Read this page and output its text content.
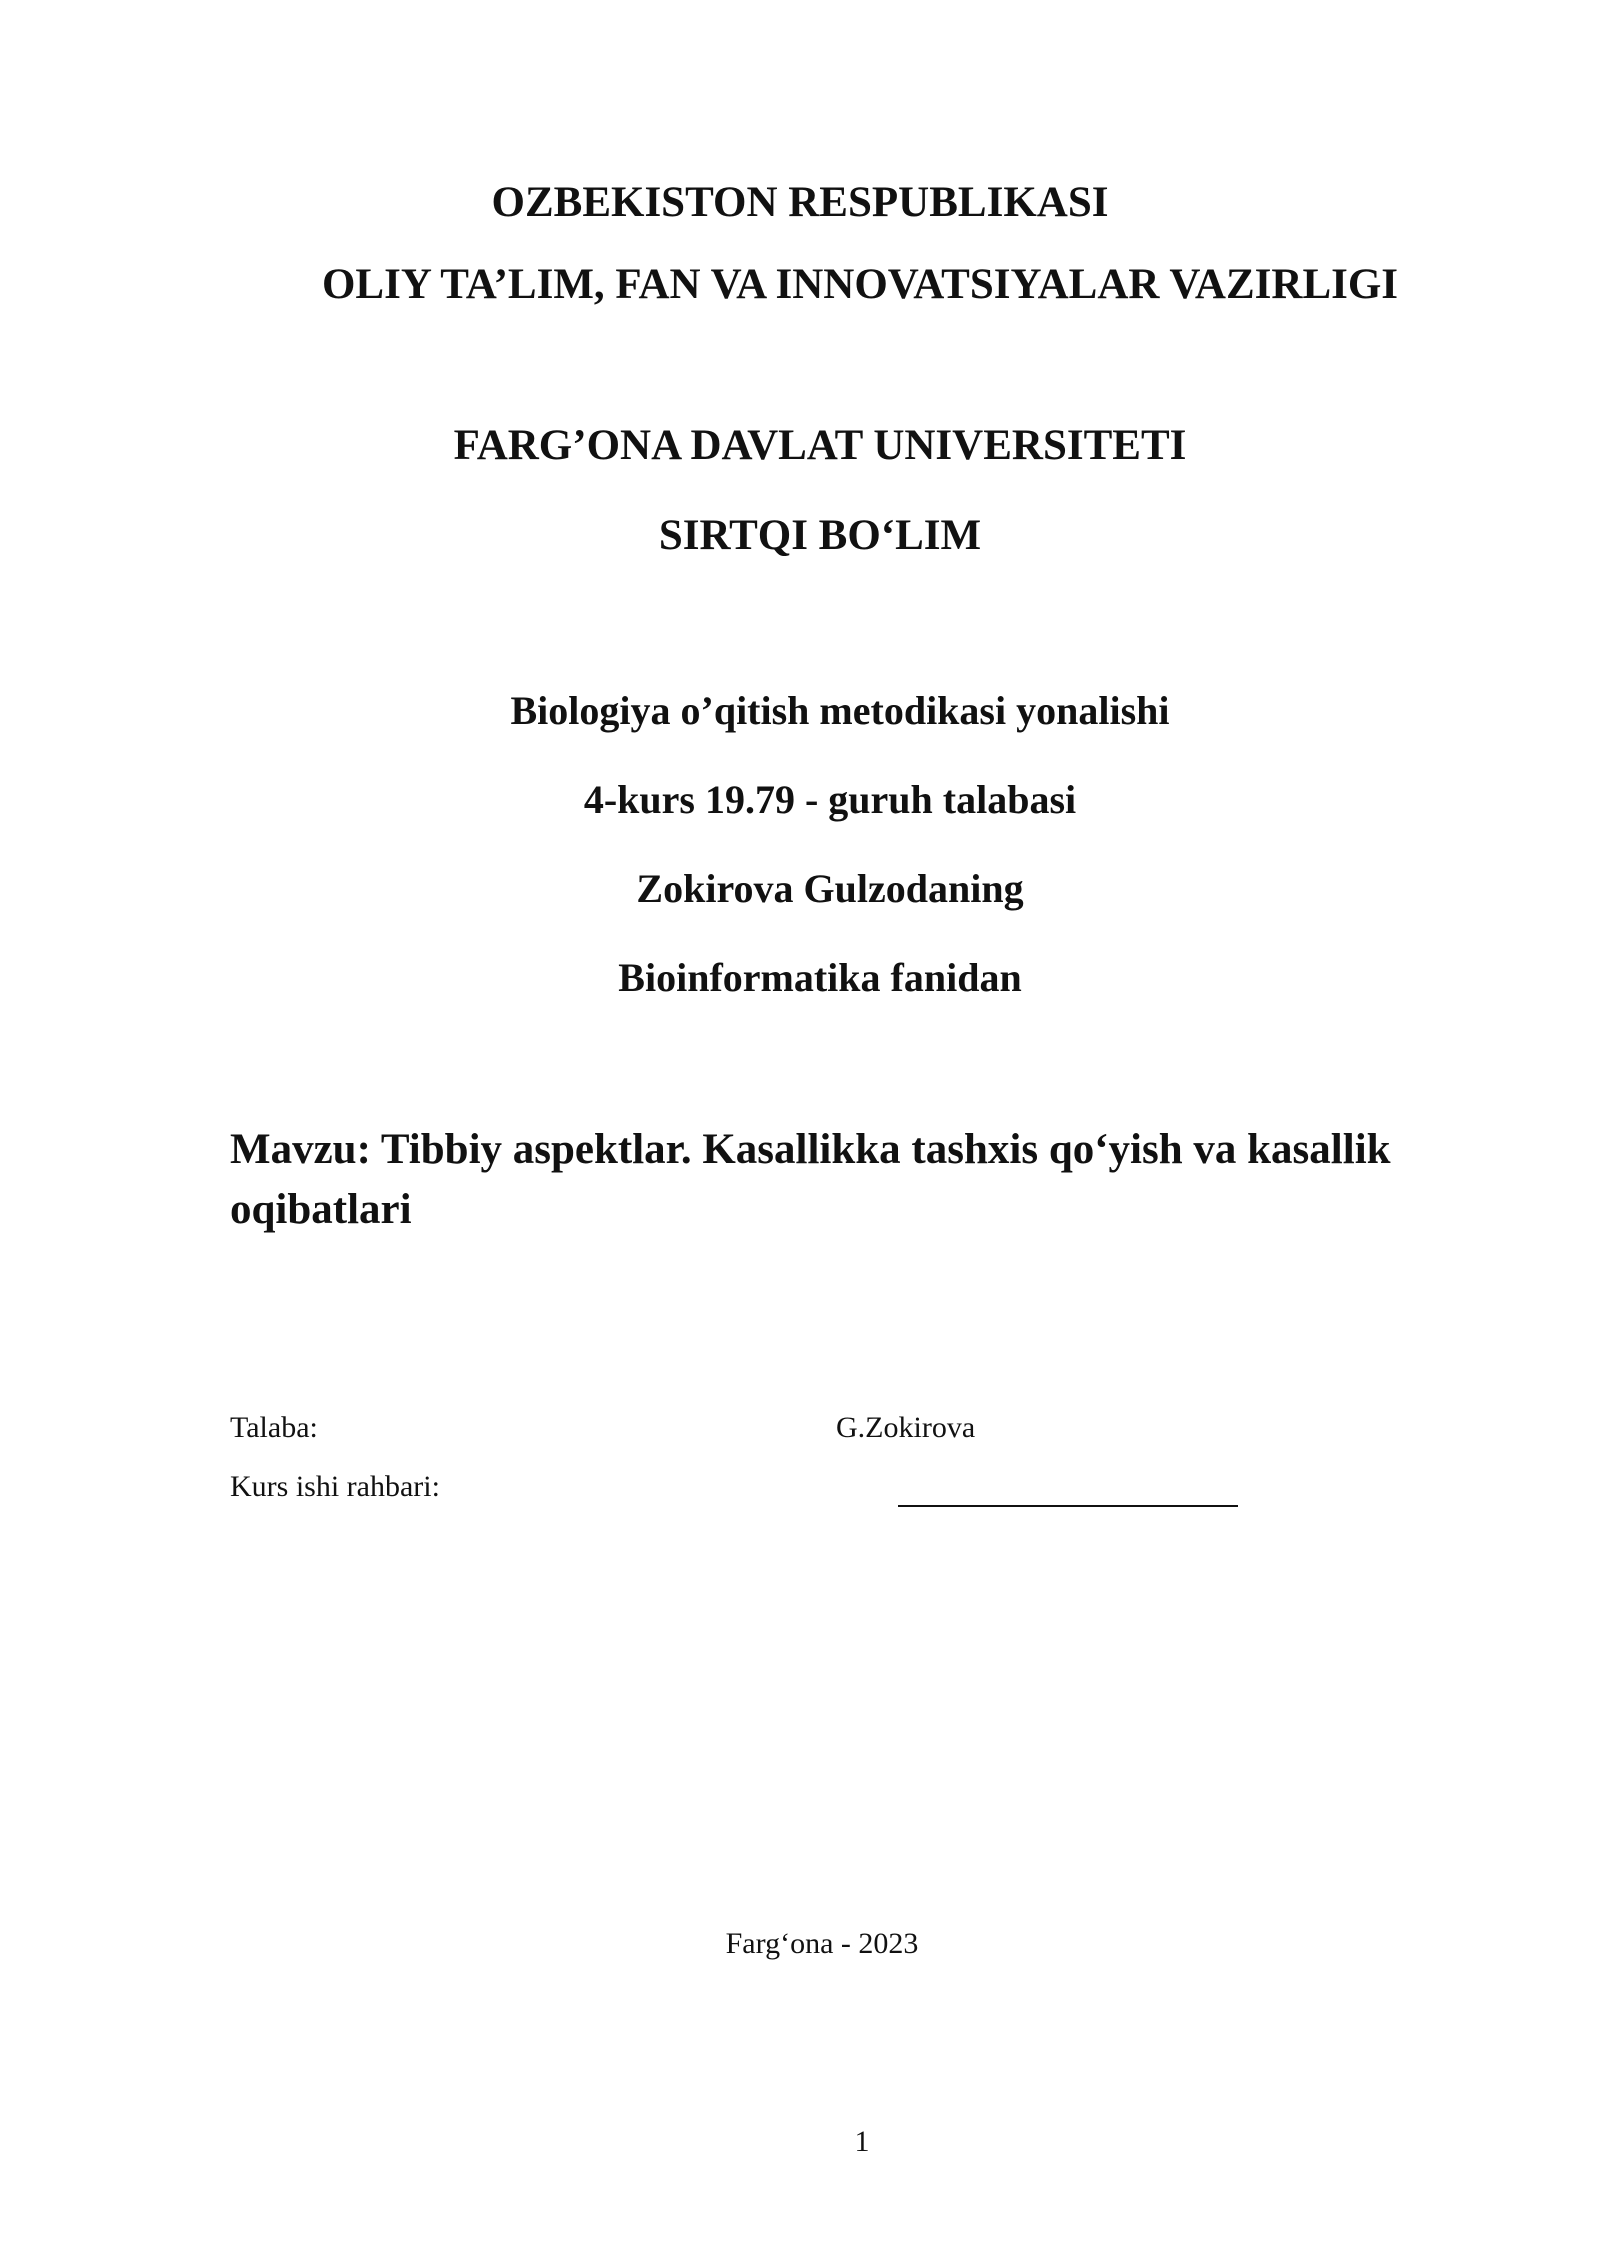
OZBEKISTON RESPUBLIKASI
OLIY TA’LIM, FAN VA INNOVATSIYALAR VAZIRLIGI
FARGʼONA DAVLAT UNIVERSITETI
SIRTQI BOʻLIM
Biologiya o’qitish metodikasi yonalishi
4-kurs 19.79 - guruh talabasi
Zokirova Gulzodaning
Bioinformatika fanidan
Mavzu: Tibbiy aspektlar. Kasallikka tashxis qoʻyish va kasallik oqibatlari
Talaba:	G.Zokirova
Kurs ishi rahbari:
Fargʻona - 2023
1
